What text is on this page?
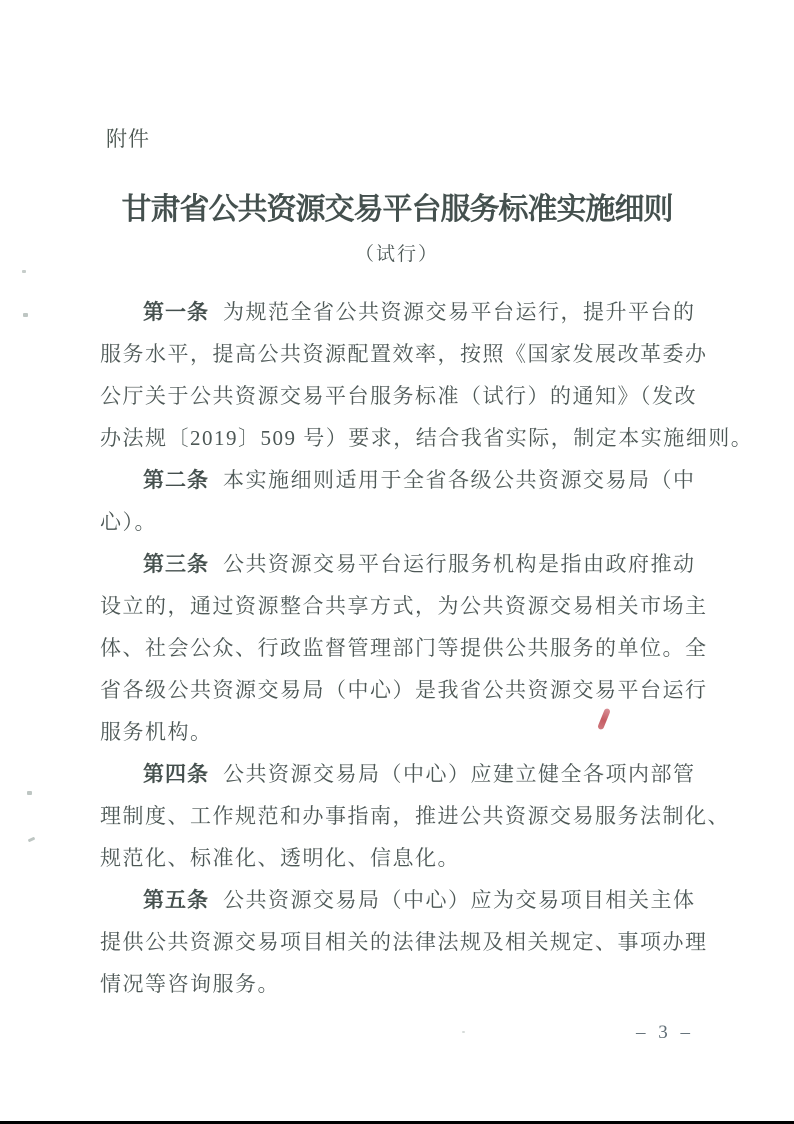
附件
甘肃省公共资源交易平台服务标准实施细则
（试行）
第一条 为规范全省公共资源交易平台运行，提升平台的
服务水平，提高公共资源配置效率，按照《国家发展改革委办
公厅关于公共资源交易平台服务标准（试行）的通知》（发改
办法规〔2019〕509 号）要求，结合我省实际，制定本实施细则。
第二条 本实施细则适用于全省各级公共资源交易局（中
心）。
第三条 公共资源交易平台运行服务机构是指由政府推动
设立的，通过资源整合共享方式，为公共资源交易相关市场主
体、社会公众、行政监督管理部门等提供公共服务的单位。全
省各级公共资源交易局（中心）是我省公共资源交易平台运行
服务机构。
第四条 公共资源交易局（中心）应建立健全各项内部管
理制度、工作规范和办事指南，推进公共资源交易服务法制化、
规范化、标准化、透明化、信息化。
第五条 公共资源交易局（中心）应为交易项目相关主体
提供公共资源交易项目相关的法律法规及相关规定、事项办理
情况等咨询服务。
– 3 –
